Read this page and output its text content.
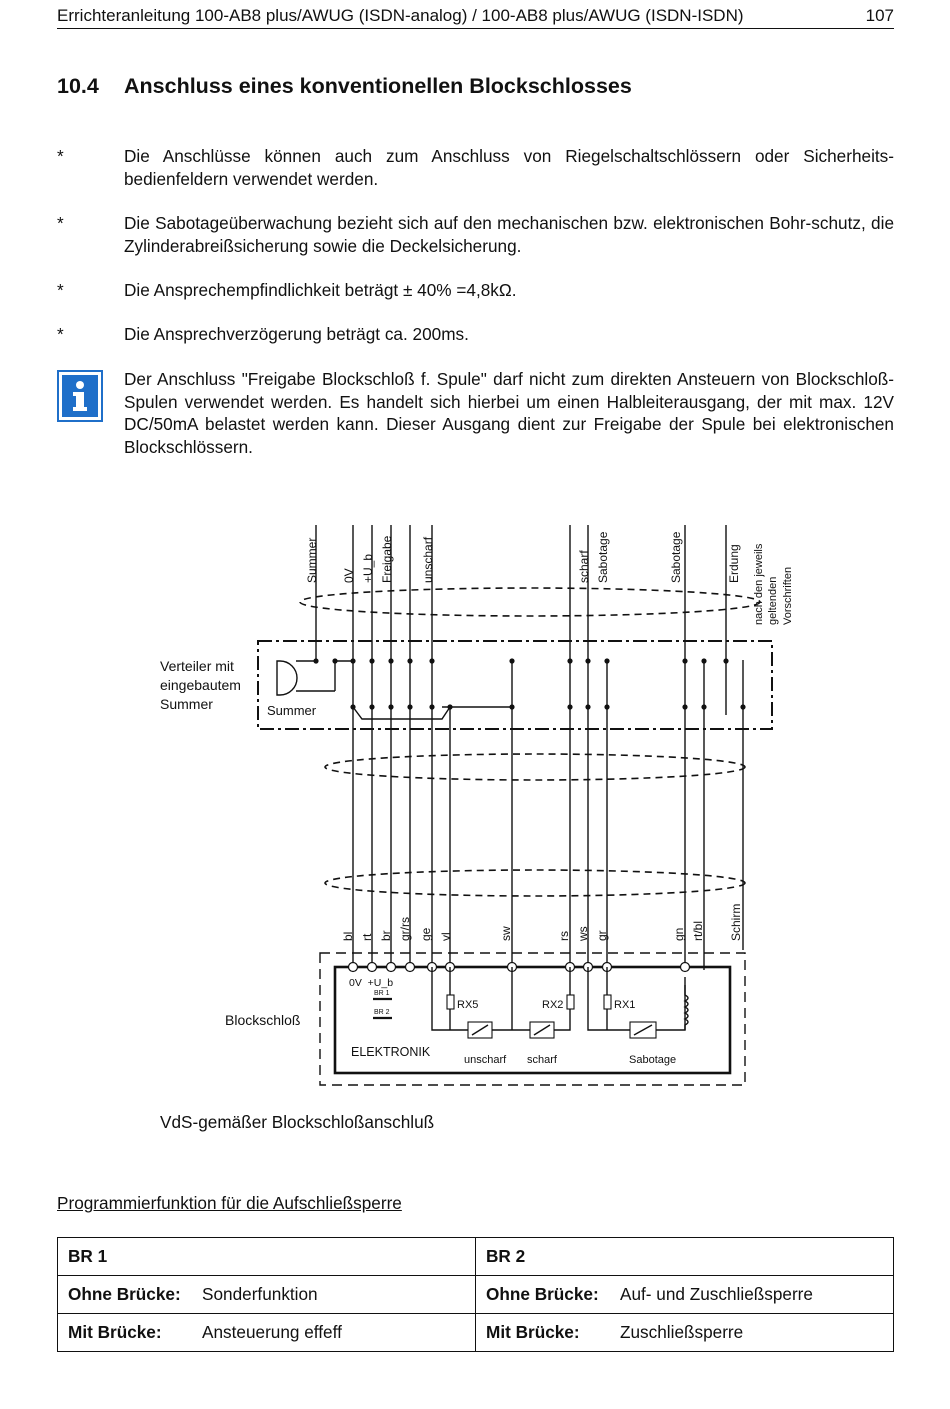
Errichteranleitung 100-AB8 plus/AWUG (ISDN-analog) / 100-AB8 plus/AWUG (ISDN-ISDN)	107
10.4 Anschluss eines konventionellen Blockschlosses
*	Die Anschlüsse können auch zum Anschluss von Riegelschaltschlössern oder Sicherheits-bedienfeldern verwendet werden.
*	Die Sabotageüberwachung bezieht sich auf den mechanischen bzw. elektronischen Bohr-schutz, die Zylinderabreißsicherung sowie die Deckelsicherung.
*	Die Ansprechempfindlichkeit beträgt ± 40% =4,8kΩ.
*	Die Ansprechverzögerung beträgt ca. 200ms.
Der Anschluss "Freigabe Blockschloß f. Spule" darf nicht zum direkten Ansteuern von Blockschloß-Spulen verwendet werden. Es handelt sich hierbei um einen Halbleiterausgang, der mit max. 12V DC/50mA belastet werden kann. Dieser Ausgang dient zur Freigabe der Spule bei elektronischen Blockschlössern.
Summer 0V +U_b Freigabe unscharf	scharf Sabotage	Sabotage	Erdung nach den jeweils geltenden Vorschriften
Verteiler mit
eingebautem
Summer	Summer
bl rt br gr/rs ge vl	sw	rs ws gr	gn rt/bl Schirm
Blockschloß
ELEKTRONIK
0V  +U_b
BR 1
BR 2
RX5	RX2	RX1
unscharf scharf	Sabotage
VdS-gemäßer Blockschloßanschluß
Programmierfunktion für die Aufschließsperre
BR 1	BR 2
Ohne Brücke: Sonderfunktion	Ohne Brücke: Auf- und Zuschließsperre
Mit Brücke: Ansteuerung effeff	Mit Brücke: Zuschließsperre
